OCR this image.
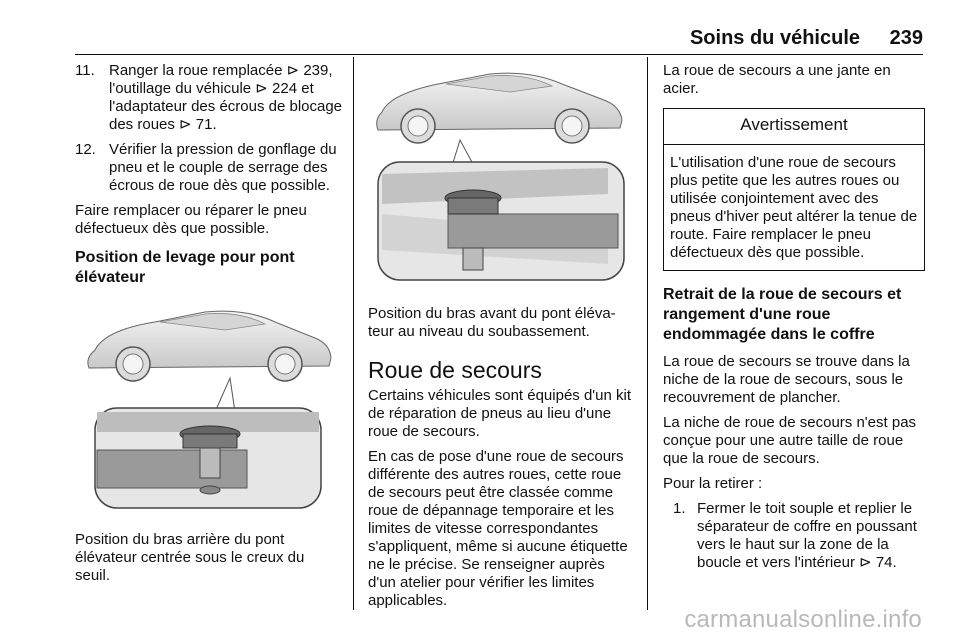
Soins du véhicule 239
11. Ranger la roue remplacée ⊳ 239, l'outillage du véhicule ⊳ 224 et l'adaptateur des écrous de blocage des roues ⊳ 71.
12. Vérifier la pression de gonflage du pneu et le couple de serrage des écrous de roue dès que possible.

Faire remplacer ou réparer le pneu défectueux dès que possible.

Position de levage pour pont élévateur

Position du bras arrière du pont élévateur centrée sous le creux du seuil.

Position du bras avant du pont élévateur au niveau du soubassement.

Roue de secours

Certains véhicules sont équipés d'un kit de réparation de pneus au lieu d'une roue de secours.

En cas de pose d'une roue de secours différente des autres roues, cette roue de secours peut être classée comme roue de dépannage temporaire et les limites de vitesse correspondantes s'appliquent, même si aucune étiquette ne le précise. Se renseigner auprès d'un atelier pour vérifier les limites applicables.

La roue de secours a une jante en acier.

Avertissement
L'utilisation d'une roue de secours plus petite que les autres roues ou utilisée conjointement avec des pneus d'hiver peut altérer la tenue de route. Faire remplacer le pneu défectueux dès que possible.
Retrait de la roue de secours et rangement d'une roue endommagée dans le coffre

La roue de secours se trouve dans la niche de la roue de secours, sous le recouvrement de plancher.

La niche de roue de secours n'est pas conçue pour une autre taille de roue que la roue de secours.

Pour la retirer :

1. Fermer le toit souple et replier le séparateur de coffre en poussant vers le haut sur la zone de la boucle et vers l'intérieur ⊳ 74.
carmanualsonline.info
